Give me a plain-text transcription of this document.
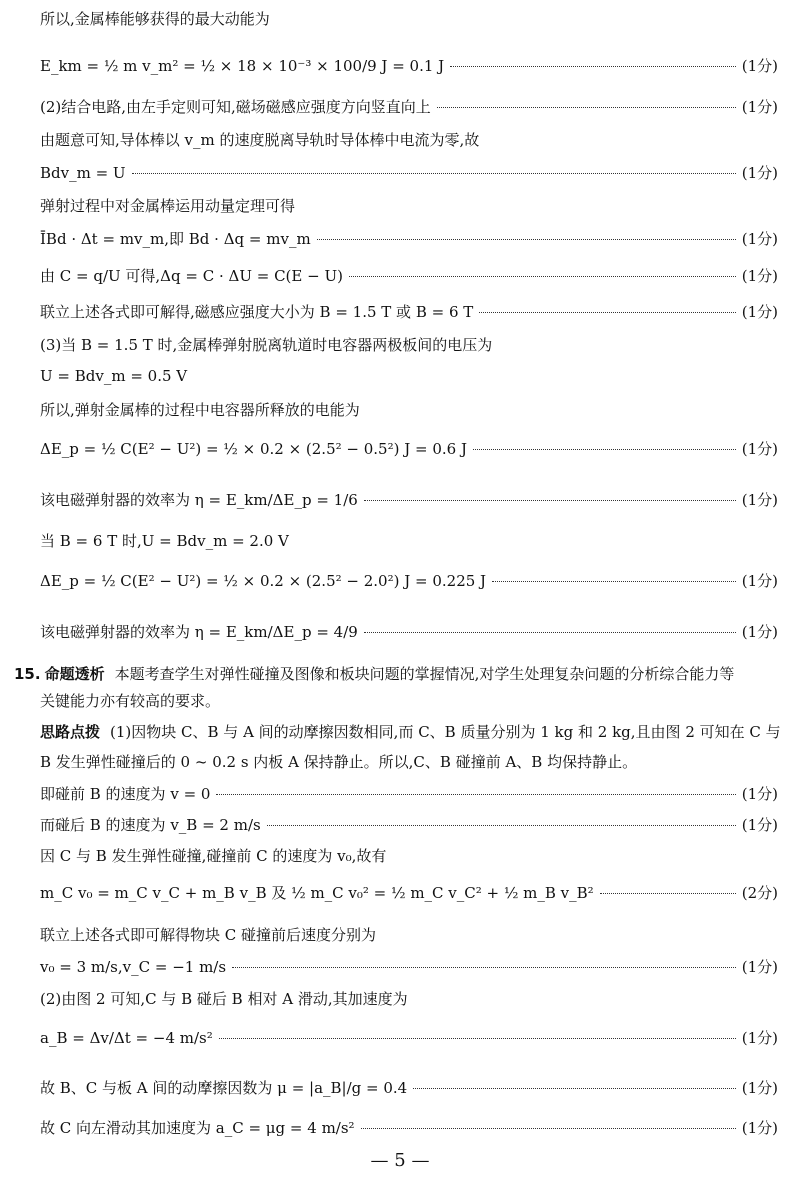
所以,金属棒能够获得的最大动能为
E_km = ½ m v_m² = ½ × 18 × 10⁻³ × 100/9 J = 0.1 J	(1分)
(2)结合电路,由左手定则可知,磁场磁感应强度方向竖直向上	(1分)
由题意可知,导体棒以 v_m 的速度脱离导轨时导体棒中电流为零,故
Bdv_m = U	(1分)
弹射过程中对金属棒运用动量定理可得
ĪBd · Δt = mv_m,即 Bd · Δq = mv_m	(1分)
由 C = q/U 可得,Δq = C · ΔU = C(E − U)	(1分)
联立上述各式即可解得,磁感应强度大小为 B = 1.5 T 或 B = 6 T	(1分)
(3)当 B = 1.5 T 时,金属棒弹射脱离轨道时电容器两极板间的电压为
U = Bdv_m = 0.5 V
所以,弹射金属棒的过程中电容器所释放的电能为
ΔE_p = ½ C(E² − U²) = ½ × 0.2 × (2.5² − 0.5²) J = 0.6 J	(1分)
该电磁弹射器的效率为 η = E_km/ΔE_p = 1/6	(1分)
当 B = 6 T 时,U = Bdv_m = 2.0 V
ΔE_p = ½ C(E² − U²) = ½ × 0.2 × (2.5² − 2.0²) J = 0.225 J	(1分)
该电磁弹射器的效率为 η = E_km/ΔE_p = 4/9	(1分)
15. 命题透析 本题考查学生对弹性碰撞及图像和板块问题的掌握情况,对学生处理复杂问题的分析综合能力等
关键能力亦有较高的要求。
思路点拨 (1)因物块 C、B 与 A 间的动摩擦因数相同,而 C、B 质量分别为 1 kg 和 2 kg,且由图 2 可知在 C 与
B 发生弹性碰撞后的 0 ~ 0.2 s 内板 A 保持静止。所以,C、B 碰撞前 A、B 均保持静止。
即碰前 B 的速度为 v = 0	(1分)
而碰后 B 的速度为 v_B = 2 m/s	(1分)
因 C 与 B 发生弹性碰撞,碰撞前 C 的速度为 v₀,故有
m_C v₀ = m_C v_C + m_B v_B 及 ½ m_C v₀² = ½ m_C v_C² + ½ m_B v_B²	(2分)
联立上述各式即可解得物块 C 碰撞前后速度分别为
v₀ = 3 m/s,v_C = −1 m/s	(1分)
(2)由图 2 可知,C 与 B 碰后 B 相对 A 滑动,其加速度为
a_B = Δv/Δt = −4 m/s²	(1分)
故 B、C 与板 A 间的动摩擦因数为 μ = |a_B|/g = 0.4	(1分)
故 C 向左滑动其加速度为 a_C = μg = 4 m/s²	(1分)
— 5 —
